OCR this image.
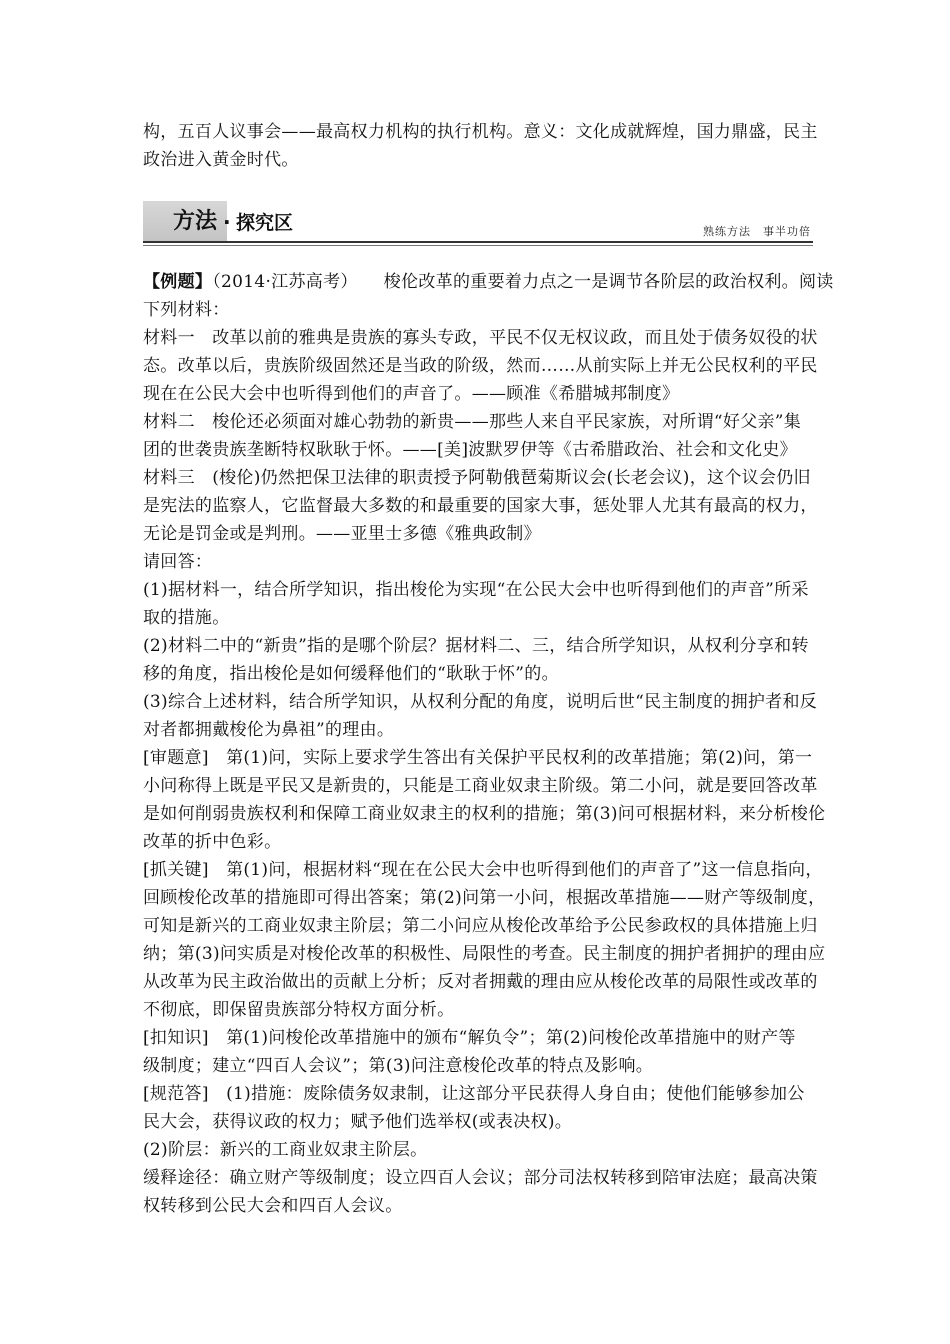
构，五百人议事会——最高权力机构的执行机构。意义：文化成就辉煌，国力鼎盛，民主
政治进入黄金时代。
方法 · 探究区	熟练方法　事半功倍
【例题】（2014·江苏高考）　　梭伦改革的重要着力点之一是调节各阶层的政治权利。阅读
下列材料：
材料一　改革以前的雅典是贵族的寡头专政，平民不仅无权议政，而且处于债务奴役的状
态。改革以后，贵族阶级固然还是当政的阶级，然而……从前实际上并无公民权利的平民
现在在公民大会中也听得到他们的声音了。——顾准《希腊城邦制度》
材料二　梭伦还必须面对雄心勃勃的新贵——那些人来自平民家族，对所谓“好父亲”集
团的世袭贵族垄断特权耿耿于怀。——[美]波默罗伊等《古希腊政治、社会和文化史》
材料三　(梭伦)仍然把保卫法律的职责授予阿勒俄琶菊斯议会(长老会议)，这个议会仍旧
是宪法的监察人，它监督最大多数的和最重要的国家大事，惩处罪人尤其有最高的权力，
无论是罚金或是判刑。——亚里士多德《雅典政制》
请回答：
(1)据材料一，结合所学知识，指出梭伦为实现“在公民大会中也听得到他们的声音”所采
取的措施。
(2)材料二中的“新贵”指的是哪个阶层？据材料二、三，结合所学知识，从权利分享和转
移的角度，指出梭伦是如何缓释他们的“耿耿于怀”的。
(3)综合上述材料，结合所学知识，从权利分配的角度，说明后世“民主制度的拥护者和反
对者都拥戴梭伦为鼻祖”的理由。
[审题意]　第(1)问，实际上要求学生答出有关保护平民权利的改革措施；第(2)问，第一
小问称得上既是平民又是新贵的，只能是工商业奴隶主阶级。第二小问，就是要回答改革
是如何削弱贵族权利和保障工商业奴隶主的权利的措施；第(3)问可根据材料，来分析梭伦
改革的折中色彩。
[抓关键]　第(1)问，根据材料“现在在公民大会中也听得到他们的声音了”这一信息指向，
回顾梭伦改革的措施即可得出答案；第(2)问第一小问，根据改革措施——财产等级制度，
可知是新兴的工商业奴隶主阶层；第二小问应从梭伦改革给予公民参政权的具体措施上归
纳；第(3)问实质是对梭伦改革的积极性、局限性的考查。民主制度的拥护者拥护的理由应
从改革为民主政治做出的贡献上分析；反对者拥戴的理由应从梭伦改革的局限性或改革的
不彻底，即保留贵族部分特权方面分析。
[扣知识]　第(1)问梭伦改革措施中的颁布“解负令”；第(2)问梭伦改革措施中的财产等
级制度；建立“四百人会议”；第(3)问注意梭伦改革的特点及影响。
[规范答]　(1)措施：废除债务奴隶制，让这部分平民获得人身自由；使他们能够参加公
民大会，获得议政的权力；赋予他们选举权(或表决权)。
(2)阶层：新兴的工商业奴隶主阶层。
缓释途径：确立财产等级制度；设立四百人会议；部分司法权转移到陪审法庭；最高决策
权转移到公民大会和四百人会议。
